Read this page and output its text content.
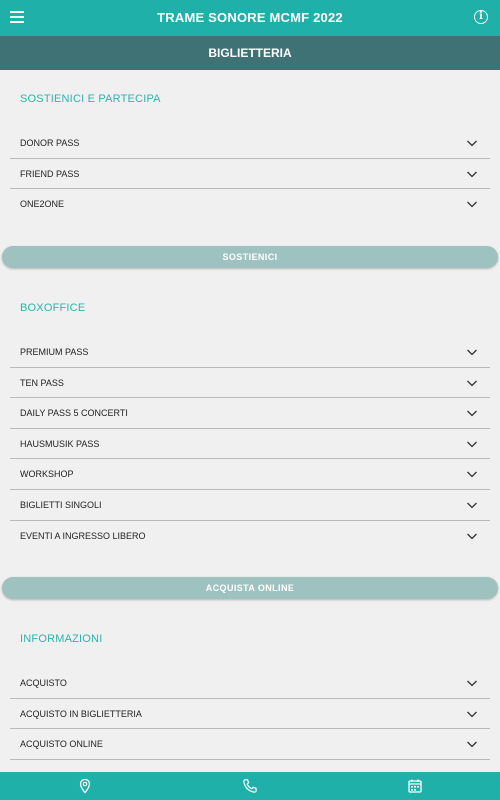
TRAME SONORE MCMF 2022	i
BIGLIETTERIA
SOSTIENICI E PARTECIPA
DONOR PASS
FRIEND PASS
ONE2ONE
SOSTIENICI
BOXOFFICE
PREMIUM PASS
TEN PASS
DAILY PASS 5 CONCERTI
HAUSMUSIK PASS
WORKSHOP
BIGLIETTI SINGOLI
EVENTI A INGRESSO LIBERO
ACQUISTA ONLINE
INFORMAZIONI
ACQUISTO
ACQUISTO IN BIGLIETTERIA
ACQUISTO ONLINE
